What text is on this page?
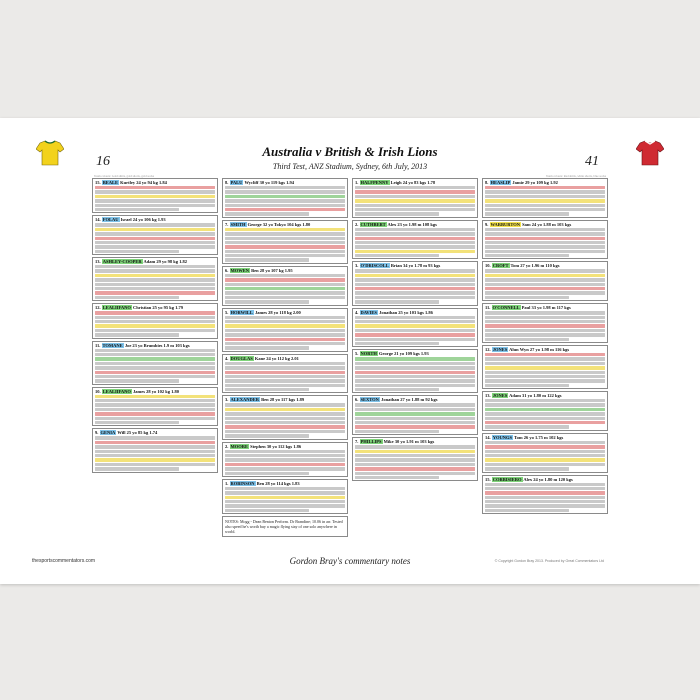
16	41
Australia v British & Irish Lions
Third Test, ANZ Stadium, Sydney, 6th July, 2013
Team colours: Gold shirts, gold shorts, gold socks	Team colours: Red shirts, white shorts, blue socks
15. BEALE Kurtley 24 yo 94 kg 1.84
14. FOLAU Israel 24 yo 106 kg 1.93
13. ASHLEY-COOPER Adam 29 yo 98 kg 1.82
12. LEALIIFANO Christian 25 yo 95 kg 1.79
11. TOMANE Joe 23 yo Brumbies 1.9 m 103 kgs
10. LEALIIFANO James 28 yo 102 kg 1.80
9. GENIA Will 25 yo 85 kg 1.74
8. PALU Wycliff 30 yo 119 kgs 1.94
7. SMITH George 32 yo Tokyo 104 kgs 1.80
6. MOWEN Ben 28 yo 107 kg 1.95
5. HORWILL James 28 yo 118 kg 2.00
4. DOUGLAS Kane 24 yo 112 kg 2.01
3. ALEXANDER Ben 28 yo 117 kgs 1.89
2. MOORE Stephen 30 yo 112 kgs 1.86
1. ROBINSON Ben 28 yo 114 kgs 1.83
NOTES: Mogg - Dean Benton Perform. Dr Brandine; 10.06 in arr. Tested also speed he's worth buy a magic flying stay of one solo anywhere in world.
1. HALFPENNY Leigh 24 yo 83 kgs 1.78
2. CUTHBERT Alex 23 yo 1.98 m 108 kgs
3. O'DRISCOLL Brian 34 yo 1.78 m 93 kgs
4. DAVIES Jonathan 25 yo 103 kgs 1.86
5. NORTH George 21 yo 109 kgs 1.93
6. SEXTON Jonathan 27 yo 1.88 m 92 kgs
7. PHILLIPS Mike 30 yo 1.91 m 103 kgs
8. HEASLIP Jamie 29 yo 109 kg 1.92
9. WARBURTON Sam 24 yo 1.88 m 103 kgs
10. CROFT Tom 27 yo 1.96 m 110 kgs
11. O'CONNELL Paul 33 yo 1.98 m 117 kgs
12. JONES Alun Wyn 27 yo 1.98 m 116 kgs
13. JONES Adam 31 yo 1.80 m 122 kgs
14. YOUNGS Tom 26 yo 1.75 m 102 kgs
15. CORBISIERO Alex 24 yo 1.80 m 120 kgs
thesportscommentators.com	Gordon Bray's commentary notes	© Copyright Gordon Bray 2013. Produced by Great Commentators Ltd
